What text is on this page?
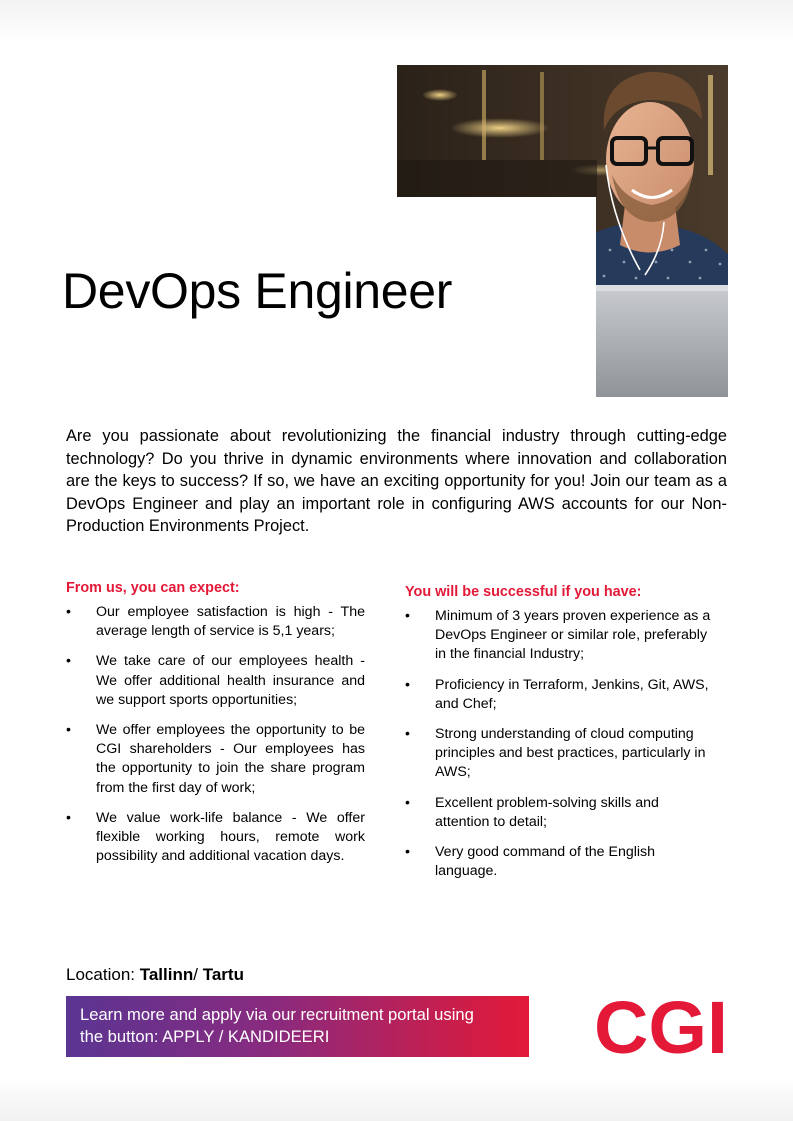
DevOps Engineer

Are you passionate about revolutionizing the financial industry through cutting-edge technology? Do you thrive in dynamic environments where innovation and collaboration are the keys to success? If so, we have an exciting opportunity for you! Join our team as a DevOps Engineer and play an important role in configuring AWS accounts for our Non-Production Environments Project.

From us, you can expect:

•	Our employee satisfaction is high - The average length of service is 5,1 years;
•	We take care of our employees health - We offer additional health insurance and we support sports opportunities;
•	We offer employees the opportunity to be CGI shareholders - Our employees has the opportunity to join the share program from the first day of work;
•	We value work-life balance - We offer flexible working hours, remote work possibility and additional vacation days.

You will be successful if you have:

•	Minimum of 3 years proven experience as a DevOps Engineer or similar role, preferably in the financial Industry;
•	Proficiency in Terraform, Jenkins, Git, AWS, and Chef;
•	Strong understanding of cloud computing principles and best practices, particularly in AWS;
•	Excellent problem-solving skills and attention to detail;
•	Very good command of the English language.
Location: Tallinn/ Tartu
Learn more and apply via our recruitment portal using
the button: APPLY / KANDIDEERI	CGI
